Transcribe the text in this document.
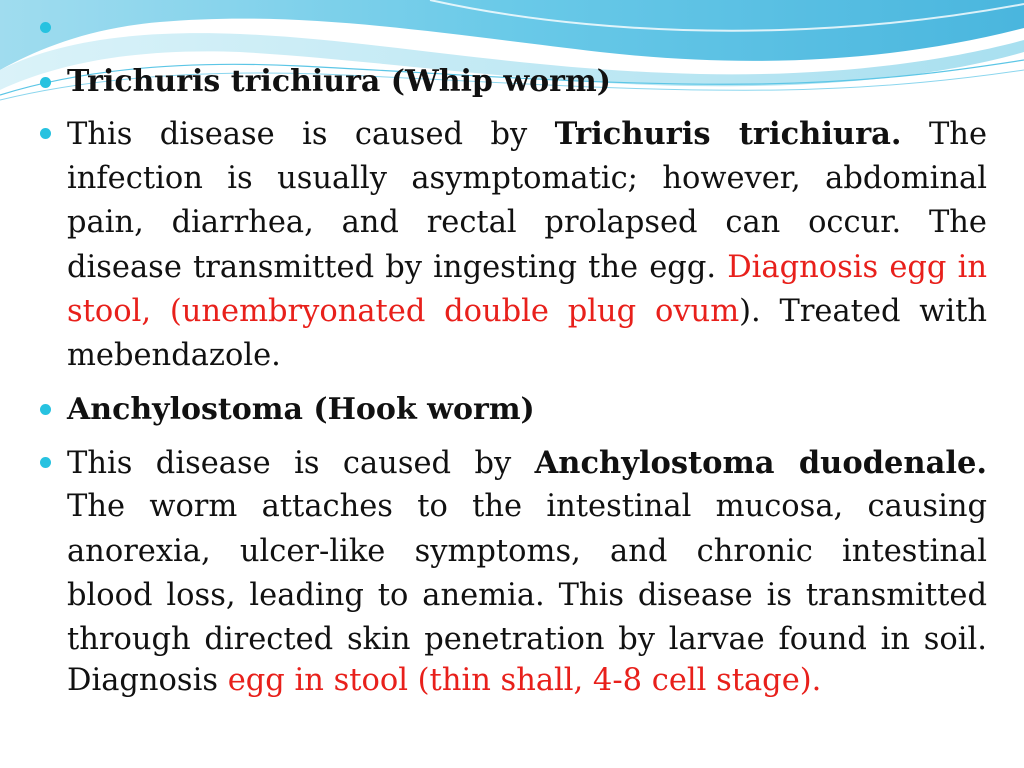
Trichuris trichiura (Whip worm)
This disease is caused by Trichuris trichiura. The
infection is usually asymptomatic; however, abdominal
pain, diarrhea, and rectal prolapsed can occur. The
disease transmitted by ingesting the egg. Diagnosis egg in
stool, (unembryonated double plug ovum). Treated with
mebendazole.
Anchylostoma (Hook worm)
This disease is caused by Anchylostoma duodenale.
The worm attaches to the intestinal mucosa, causing
anorexia, ulcer-like symptoms, and chronic intestinal
blood loss, leading to anemia. This disease is transmitted
through directed skin penetration by larvae found in soil.
Diagnosis egg in stool (thin shall, 4-8 cell stage).
